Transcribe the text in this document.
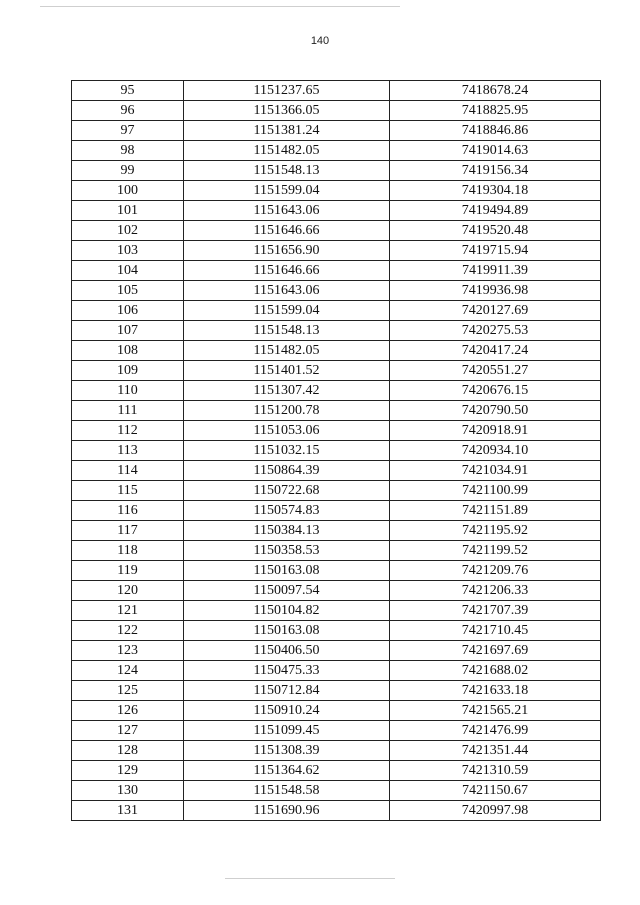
140
95	1151237.65	7418678.24
96	1151366.05	7418825.95
97	1151381.24	7418846.86
98	1151482.05	7419014.63
99	1151548.13	7419156.34
100	1151599.04	7419304.18
101	1151643.06	7419494.89
102	1151646.66	7419520.48
103	1151656.90	7419715.94
104	1151646.66	7419911.39
105	1151643.06	7419936.98
106	1151599.04	7420127.69
107	1151548.13	7420275.53
108	1151482.05	7420417.24
109	1151401.52	7420551.27
110	1151307.42	7420676.15
111	1151200.78	7420790.50
112	1151053.06	7420918.91
113	1151032.15	7420934.10
114	1150864.39	7421034.91
115	1150722.68	7421100.99
116	1150574.83	7421151.89
117	1150384.13	7421195.92
118	1150358.53	7421199.52
119	1150163.08	7421209.76
120	1150097.54	7421206.33
121	1150104.82	7421707.39
122	1150163.08	7421710.45
123	1150406.50	7421697.69
124	1150475.33	7421688.02
125	1150712.84	7421633.18
126	1150910.24	7421565.21
127	1151099.45	7421476.99
128	1151308.39	7421351.44
129	1151364.62	7421310.59
130	1151548.58	7421150.67
131	1151690.96	7420997.98
